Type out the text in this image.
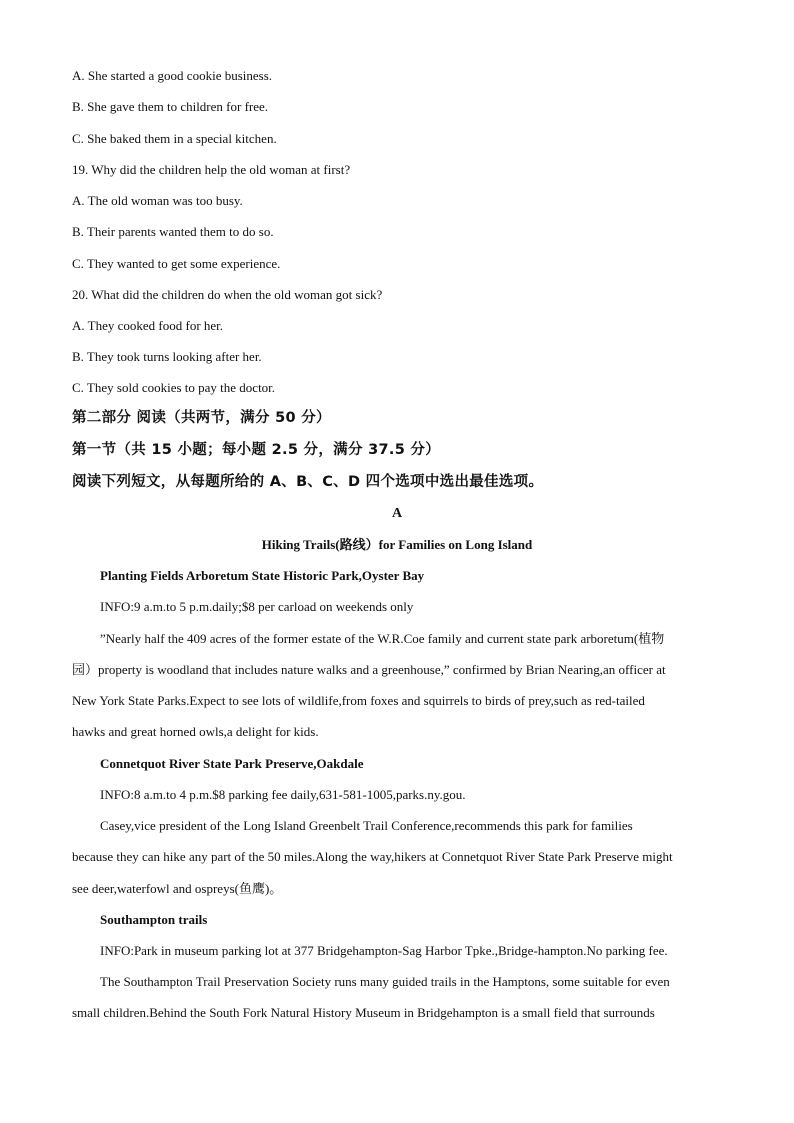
A. She started a good cookie business.
B. She gave them to children for free.
C. She baked them in a special kitchen.
19. Why did the children help the old woman at first?
A. The old woman was too busy.
B. Their parents wanted them to do so.
C. They wanted to get some experience.
20. What did the children do when the old woman got sick?
A. They cooked food for her.
B. They took turns looking after her.
C. They sold cookies to pay the doctor.
第二部分 阅读（共两节，满分 50 分）
第一节（共 15 小题；每小题 2.5 分，满分 37.5 分）
阅读下列短文，从每题所给的 A、B、C、D 四个选项中选出最佳选项。
A
Hiking Trails(路线）for Families on Long Island
Planting Fields Arboretum State Historic Park,Oyster Bay
INFO:9 a.m.to 5 p.m.daily;$8 per carload on weekends only
”Nearly half the 409 acres of the former estate of the W.R.Coe family and current state park arboretum(植物
园）property is woodland that includes nature walks and a greenhouse,” confirmed by Brian Nearing,an officer at
New York State Parks.Expect to see lots of wildlife,from foxes and squirrels to birds of prey,such as red-tailed
hawks and great horned owls,a delight for kids.
Connetquot River State Park Preserve,Oakdale
INFO:8 a.m.to 4 p.m.$8 parking fee daily,631-581-1005,parks.ny.gou.
Casey,vice president of the Long Island Greenbelt Trail Conference,recommends this park for families
because they can hike any part of the 50 miles.Along the way,hikers at Connetquot River State Park Preserve might
see deer,waterfowl and ospreys(鱼鹰)。
Southampton trails
INFO:Park in museum parking lot at 377 Bridgehampton-Sag Harbor Tpke.,Bridge-hampton.No parking fee.
The Southampton Trail Preservation Society runs many guided trails in the Hamptons, some suitable for even
small children.Behind the South Fork Natural History Museum in Bridgehampton is a small field that surrounds
